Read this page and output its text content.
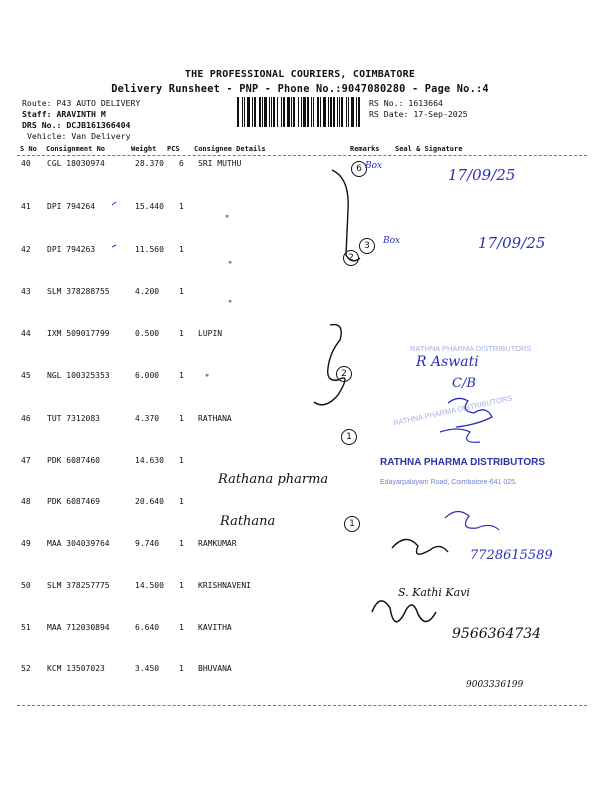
THE PROFESSIONAL COURIERS, COIMBATORE
Delivery Runsheet - PNP - Phone No.:9047080280 - Page No.:4
Route: P43 AUTO DELIVERY
Staff: ARAVINTH M
DRS No.: DCJB161366404
Vehicle: Van Delivery
RS No.: 1613664
RS Date: 17-Sep-2025
S No Consignment No	Weight PCS Consignee Details	Remarks Seal & Signature
40 CGL 18030974	28.370 6 SRI MUTHU
41 DPI 794264	15.440 1
42 DPI 794263	11.560 1
43 SLM 378288755	4.200 1
44 IXM 509017799	0.500 1 LUPIN
45 NGL 100325353	6.000 1
46 TUT 7312083	4.370 1 RATHANA
47 PDK 6087460	14.630 1
48 PDK 6087469	20.640 1
49 MAA 304039764	9.740 1 RAMKUMAR
50 SLM 378257775	14.500 1 KRISHNAVENI
51 MAA 712030894	6.640 1 KAVITHA
52 KCM 13507023	3.450 1 BHUVANA
RATHNA PHARMA DISTRIBUTORS
RATHNA PHARMA DISTRIBUTORS
RATHNA PHARMA DISTRIBUTORS
Edayarpalayam Road, Coimbatore-641 025.
6
3
2
2
1
1
"
"
"
"
Box	17/09/25
Box	17/09/25
R Aswati
C/B
Rathana pharma
Rathana
7728615589
S. Kathi Kavi
9566364734
9003336199
